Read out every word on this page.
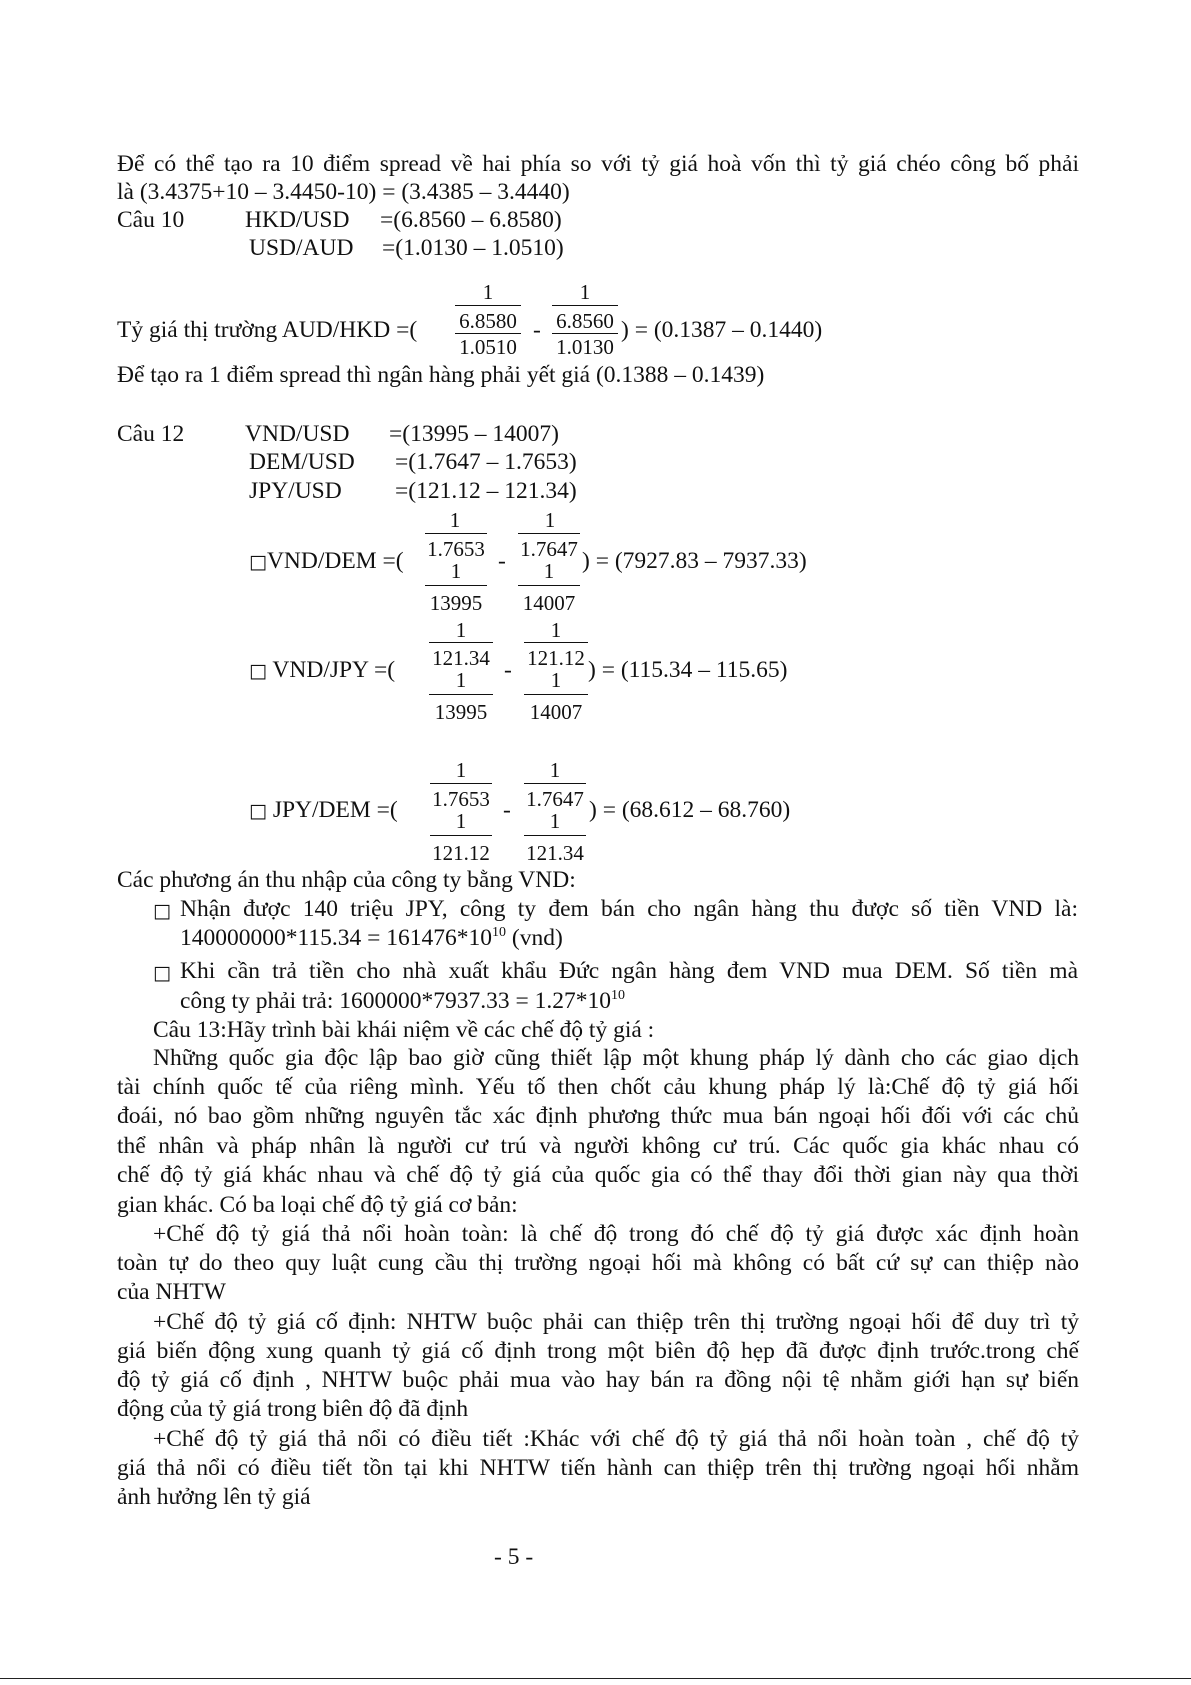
Để có thể tạo ra 10 điểm spread về hai phía so với tỷ giá hoà vốn thì tỷ giá chéo công bố phải
là (3.4375+10 – 3.4450-10) = (3.4385 – 3.4440)
Câu 10	HKD/USD =(6.8560 – 6.8580)
USD/AUD =(1.0130 – 1.0510)
1	1
Tỷ giá thị trường AUD/HKD =( 6.8580
1.0510
- 6.8560
1.0130
) = (0.1387 – 0.1440)
Để tạo ra 1 điểm spread thì ngân hàng phải yết giá (0.1388 – 0.1439)
Câu 12	VND/USD =(13995 – 14007)
DEM/USD =(1.7647 – 1.7653)
JPY/USD =(121.12 – 121.34)
1	1
□VND/DEM =( 1.7653
1
13995
- 1.7647
1
14007
) = (7927.83 – 7937.33)
1	1
□ VND/JPY =( 121.34
1
13995
- 121.12
1
14007
) = (115.34 – 115.65)
1	1
□ JPY/DEM =( 1.7653
1
121.12
- 1.7647
1
121.34
) = (68.612 – 68.760)
Các phương án thu nhập của công ty bằng VND:
□ Nhận được 140 triệu JPY, công ty đem bán cho ngân hàng thu được số tiền VND là:
$140000000*115.34 = 161476*10^{10}$ (vnd)
□ Khi cần trả tiền cho nhà xuất khẩu Đức ngân hàng đem VND mua DEM. Số tiền mà
công ty phải trả: $1600000*7937.33 = 1.27*10^{10}$
Câu 13:Hãy trình bài khái niệm về các chế độ tỷ giá :
Những quốc gia độc lập bao giờ cũng thiết lập một khung pháp lý dành cho các giao dịch
tài chính quốc tế của riêng mình. Yếu tố then chốt cảu khung pháp lý là:Chế độ tỷ giá hối
đoái, nó bao gồm những nguyên tắc xác định phương thức mua bán ngoại hối đối với các chủ
thể nhân và pháp nhân là người cư trú và người không cư trú. Các quốc gia khác nhau có
chế độ tỷ giá khác nhau và chế độ tỷ giá của quốc gia có thể thay đổi thời gian này qua thời
gian khác. Có ba loại chế độ tỷ giá cơ bản:
+Chế độ tỷ giá thả nổi hoàn toàn: là chế độ trong đó chế độ tỷ giá được xác định hoàn
toàn tự do theo quy luật cung cầu thị trường ngoại hối mà không có bất cứ sự can thiệp nào
của NHTW
+Chế độ tỷ giá cố định: NHTW buộc phải can thiệp trên thị trường ngoại hối để duy trì tỷ
giá biến động xung quanh tỷ giá cố định trong một biên độ hẹp đã được định trước.trong chế
độ tỷ giá cố định , NHTW buộc phải mua vào hay bán ra đồng nội tệ nhằm giới hạn sự biến
động của tỷ giá trong biên độ đã định
+Chế độ tỷ giá thả nổi có điều tiết :Khác với chế độ tỷ giá thả nổi hoàn toàn , chế độ tỷ
giá thả nổi có điều tiết tồn tại khi NHTW tiến hành can thiệp trên thị trường ngoại hối nhằm
ảnh hưởng lên tỷ giá
- 5 -
